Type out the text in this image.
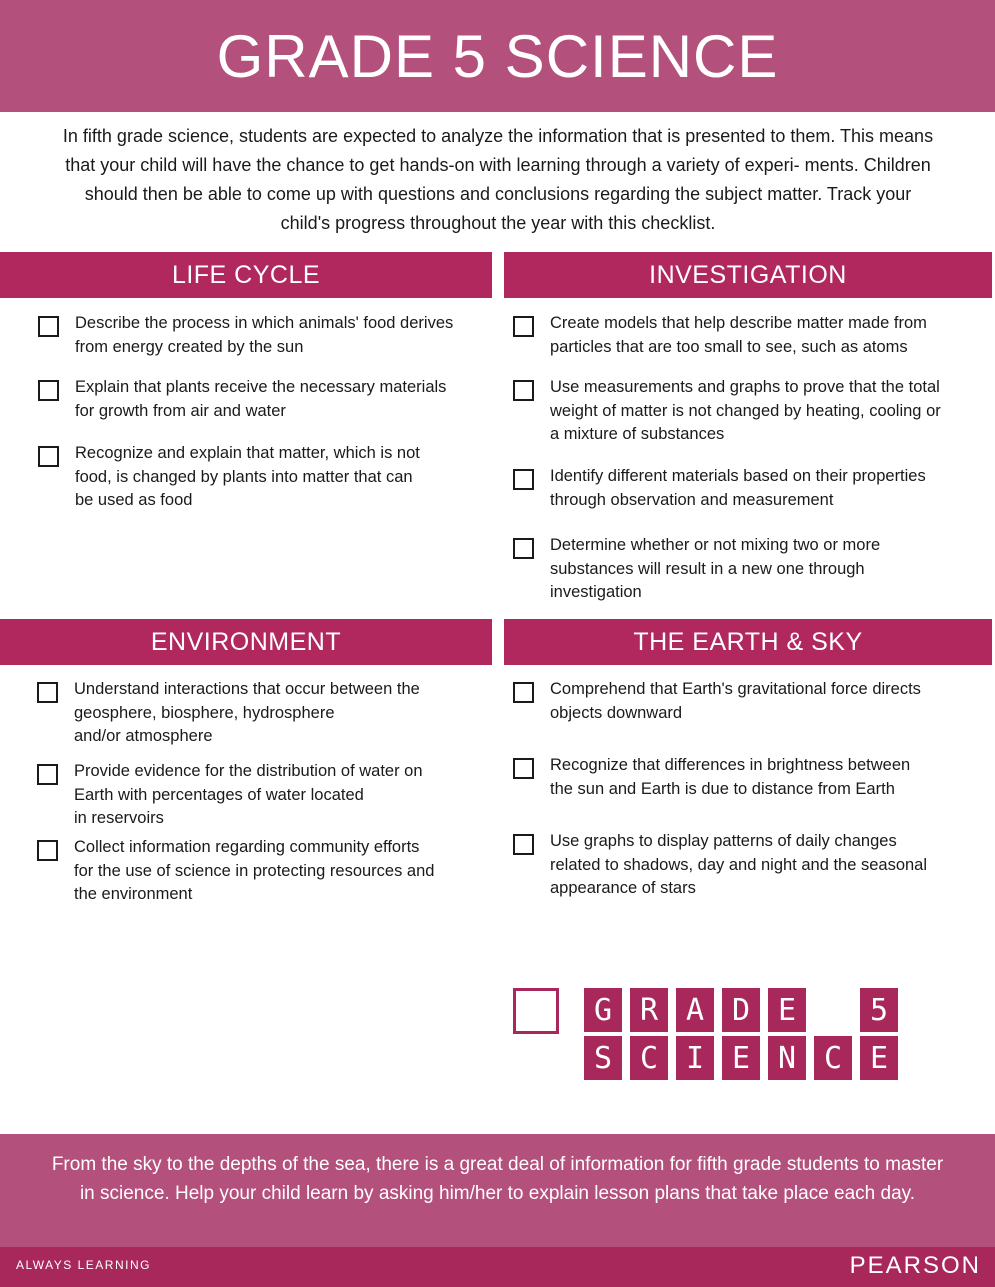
GRADE 5 SCIENCE
In fifth grade science, students are expected to analyze the information that is presented to them. This means that your child will have the chance to get hands-on with learning through a variety of experi- ments. Children should then be able to come up with questions and conclusions regarding the subject matter. Track your child's progress throughout the year with this checklist.
LIFE CYCLE
Describe the process in which animals' food derives
from energy created by the sun
Explain that plants receive the necessary materials
for growth from air and water
Recognize and explain that matter, which is not
food, is changed by plants into matter that can
be used as food
INVESTIGATION
Create models that help describe matter made from
particles that are too small to see, such as atoms
Use measurements and graphs to prove that the total
weight of matter is not changed by heating, cooling or
a mixture of substances
Identify different materials based on their properties
through observation and measurement
Determine whether or not mixing two or more
substances will result in a new one through
investigation
ENVIRONMENT
Understand interactions that occur between the
geosphere, biosphere, hydrosphere
and/or atmosphere
Provide evidence for the distribution of water on
Earth with percentages of water located
in reservoirs
Collect information regarding community efforts
for the use of science in protecting resources and
the environment
THE EARTH & SKY
Comprehend that Earth's gravitational force directs
objects downward
Recognize that differences in brightness between
the sun and Earth is due to distance from Earth
Use graphs to display patterns of daily changes
related to shadows, day and night and the seasonal
appearance of stars
G R A D E	5
S C I E N C E

From the sky to the depths of the sea, there is a great deal of information for fifth grade students to master in science. Help your child learn by asking him/her to explain lesson plans that take place each day.

ALWAYS LEARNING	PEARSON
